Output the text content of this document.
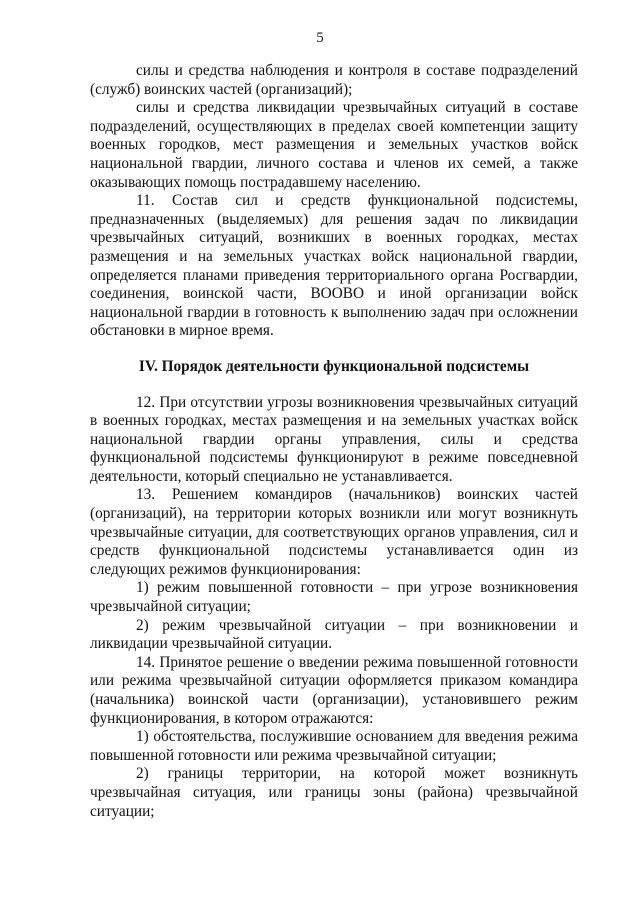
5

силы и средства наблюдения и контроля в составе подразделений (служб) воинских частей (организаций);

силы и средства ликвидации чрезвычайных ситуаций в составе подразделений, осуществляющих в пределах своей компетенции защиту военных городков, мест размещения и земельных участков войск национальной гвардии, личного состава и членов их семей, а также оказывающих помощь пострадавшему населению.

11. Состав сил и средств функциональной подсистемы, предназначенных (выделяемых) для решения задач по ликвидации чрезвычайных ситуаций, возникших в военных городках, местах размещения и на земельных участках войск национальной гвардии, определяется планами приведения территориального органа Росгвардии, соединения, воинской части, ВООВО и иной организации войск национальной гвардии в готовность к выполнению задач при осложнении обстановки в мирное время.

IV. Порядок деятельности функциональной подсистемы

12. При отсутствии угрозы возникновения чрезвычайных ситуаций в военных городках, местах размещения и на земельных участках войск национальной гвардии органы управления, силы и средства функциональной подсистемы функционируют в режиме повседневной деятельности, который специально не устанавливается.

13. Решением командиров (начальников) воинских частей (организаций), на территории которых возникли или могут возникнуть чрезвычайные ситуации, для соответствующих органов управления, сил и средств функциональной подсистемы устанавливается один из следующих режимов функционирования:

1) режим повышенной готовности – при угрозе возникновения чрезвычайной ситуации;

2) режим чрезвычайной ситуации – при возникновении и ликвидации чрезвычайной ситуации.

14. Принятое решение о введении режима повышенной готовности или режима чрезвычайной ситуации оформляется приказом командира (начальника) воинской части (организации), установившего режим функционирования, в котором отражаются:

1) обстоятельства, послужившие основанием для введения режима повышенной готовности или режима чрезвычайной ситуации;

2) границы территории, на которой может возникнуть чрезвычайная ситуация, или границы зоны (района) чрезвычайной ситуации;
